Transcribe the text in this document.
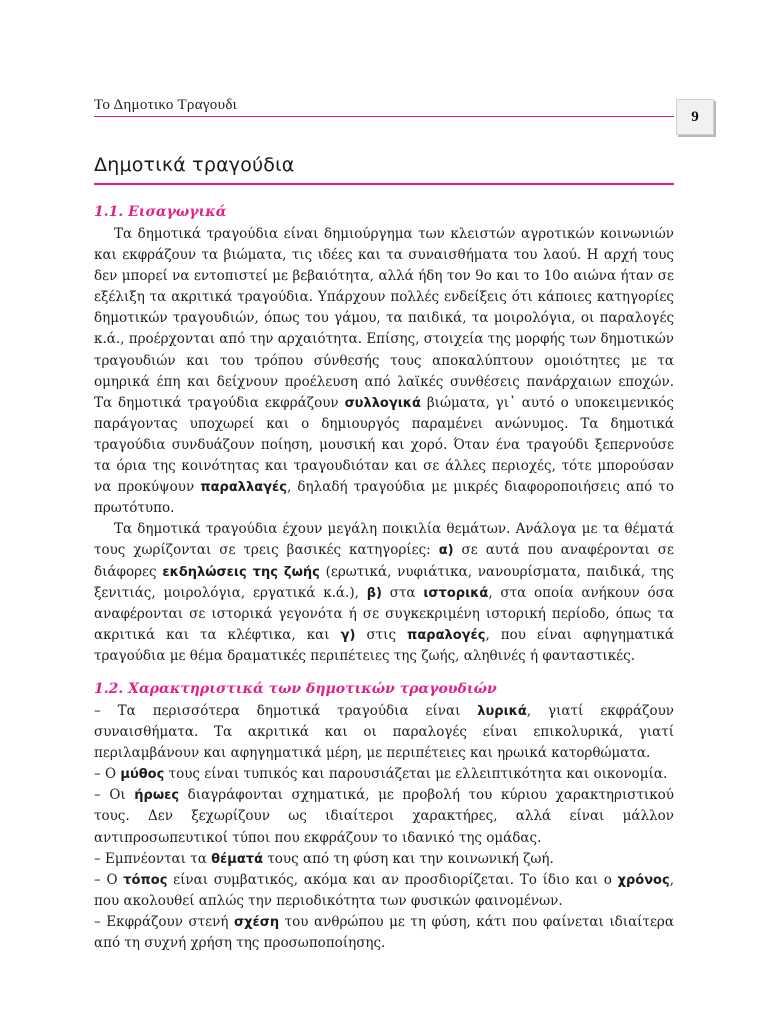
Το Δημοτικο Τραγουδι
9
Δημοτικά τραγούδια
1.1. Εισαγωγικά

Τα δημοτικά τραγούδια είναι δημιούργημα των κλειστών αγροτικών κοινωνιών και εκφράζουν τα βιώματα, τις ιδέες και τα συναισθήματα του λαού. Η αρχή τους δεν μπορεί να εντοπιστεί με βεβαιότητα, αλλά ήδη τον 9ο και το 10ο αιώνα ήταν σε εξέλιξη τα ακριτικά τραγούδια. Υπάρχουν πολλές ενδείξεις ότι κάποιες κατηγορίες δημοτικών τραγουδιών, όπως του γάμου, τα παιδικά, τα μοιρολόγια, οι παραλογές κ.ά., προέρχονται από την αρχαιότητα. Επίσης, στοιχεία της μορφής των δημοτικών τραγουδιών και του τρόπου σύνθεσής τους αποκαλύπτουν ομοιότητες με τα ομηρικά έπη και δείχνουν προέλευση από λαϊκές συνθέσεις πανάρχαιων εποχών. Τα δημοτικά τραγούδια εκφράζουν συλλογικά βιώματα, γι᾽ αυτό ο υποκειμενικός παράγοντας υποχωρεί και ο δημιουργός παραμένει ανώνυμος. Τα δημοτικά τραγούδια συνδυάζουν ποίηση, μουσική και χορό. Όταν ένα τραγούδι ξεπερνούσε τα όρια της κοινότητας και τραγουδιόταν και σε άλλες περιοχές, τότε μπορούσαν να προκύψουν παραλλαγές, δηλαδή τραγούδια με μικρές διαφοροποιήσεις από το πρωτότυπο.

Τα δημοτικά τραγούδια έχουν μεγάλη ποικιλία θεμάτων. Ανάλογα με τα θέματά τους χωρίζονται σε τρεις βασικές κατηγορίες: α) σε αυτά που αναφέρονται σε διάφορες εκδηλώσεις της ζωής (ερωτικά, νυφιάτικα, νανουρίσματα, παιδικά, της ξενιτιάς, μοιρολόγια, εργατικά κ.ά.), β) στα ιστορικά, στα οποία ανήκουν όσα αναφέρονται σε ιστορικά γεγονότα ή σε συγκεκριμένη ιστορική περίοδο, όπως τα ακριτικά και τα κλέφτικα, και γ) στις παραλογές, που είναι αφηγηματικά τραγούδια με θέμα δραματικές περιπέτειες της ζωής, αληθινές ή φανταστικές.

1.2. Χαρακτηριστικά των δημοτικών τραγουδιών

– Τα περισσότερα δημοτικά τραγούδια είναι λυρικά, γιατί εκφράζουν συναισθήματα. Τα ακριτικά και οι παραλογές είναι επικολυρικά, γιατί περιλαμβάνουν και αφηγηματικά μέρη, με περιπέτειες και ηρωικά κατορθώματα.

– Ο μύθος τους είναι τυπικός και παρουσιάζεται με ελλειπτικότητα και οικονομία.

– Οι ήρωες διαγράφονται σχηματικά, με προβολή του κύριου χαρακτηριστικού τους. Δεν ξεχωρίζουν ως ιδιαίτεροι χαρακτήρες, αλλά είναι μάλλον αντιπροσωπευτικοί τύποι που εκφράζουν το ιδανικό της ομάδας.

– Εμπνέονται τα θέματά τους από τη φύση και την κοινωνική ζωή.

– Ο τόπος είναι συμβατικός, ακόμα και αν προσδιορίζεται. Το ίδιο και ο χρόνος, που ακολουθεί απλώς την περιοδικότητα των φυσικών φαινομένων.

– Εκφράζουν στενή σχέση του ανθρώπου με τη φύση, κάτι που φαίνεται ιδιαίτερα από τη συχνή χρήση της προσωποποίησης.
